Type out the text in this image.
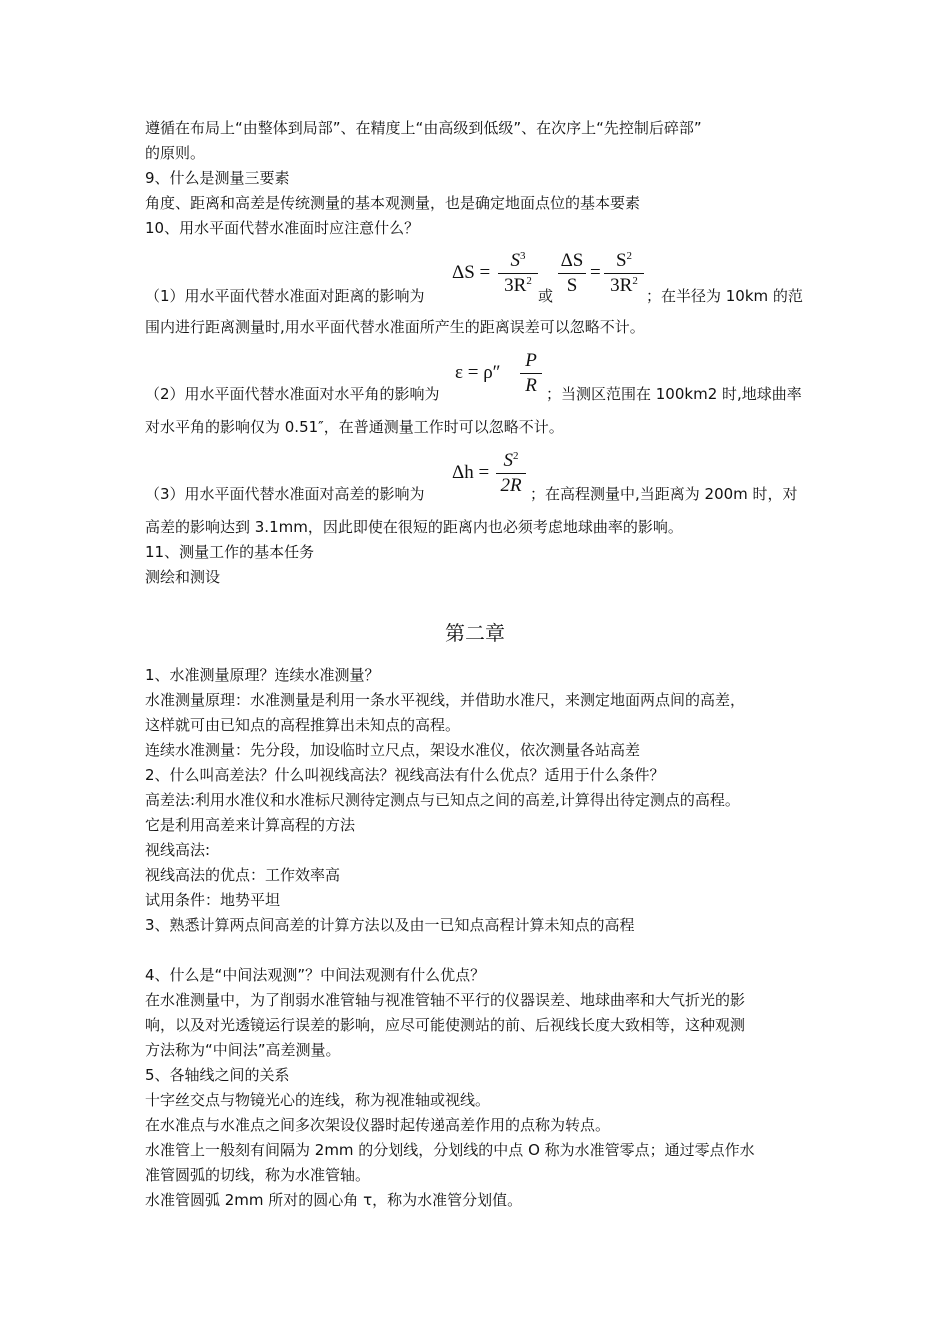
遵循在布局上“由整体到局部”、在精度上“由高级到低级”、在次序上“先控制后碎部”
的原则。
9、什么是测量三要素
角度、距离和高差是传统测量的基本观测量，也是确定地面点位的基本要素
10、用水平面代替水准面时应注意什么？
ΔS =
$S^3$
$3R^2$
ΔS
S
=
$S^2$
$3R^2$
（1）用水平面代替水准面对距离的影响为	或	；在半径为 10km 的范
围内进行距离测量时,用水平面代替水准面所产生的距离误差可以忽略不计。
ε = ρ″
P
R
（2）用水平面代替水准面对水平角的影响为	；当测区范围在 100km2 时,地球曲率
对水平角的影响仅为 0.51″，在普通测量工作时可以忽略不计。
Δh =
$S^2$
2R
（3）用水平面代替水准面对高差的影响为	；在高程测量中,当距离为 200m 时，对
高差的影响达到 3.1mm，因此即使在很短的距离内也必须考虑地球曲率的影响。
11、测量工作的基本任务
测绘和测设
第二章
1、水准测量原理？连续水准测量？
水准测量原理：水准测量是利用一条水平视线，并借助水准尺，来测定地面两点间的高差，
这样就可由已知点的高程推算出未知点的高程。
连续水准测量：先分段，加设临时立尺点，架设水准仪，依次测量各站高差
2、什么叫高差法？什么叫视线高法？视线高法有什么优点？适用于什么条件？
高差法:利用水准仪和水准标尺测待定测点与已知点之间的高差,计算得出待定测点的高程。
它是利用高差来计算高程的方法
视线高法:
视线高法的优点：工作效率高
试用条件：地势平坦
3、熟悉计算两点间高差的计算方法以及由一已知点高程计算未知点的高程
4、什么是“中间法观测”？中间法观测有什么优点？
在水准测量中，为了削弱水准管轴与视准管轴不平行的仪器误差、地球曲率和大气折光的影
响，以及对光透镜运行误差的影响，应尽可能使测站的前、后视线长度大致相等，这种观测
方法称为“中间法”高差测量。
5、各轴线之间的关系
十字丝交点与物镜光心的连线，称为视准轴或视线。
在水准点与水准点之间多次架设仪器时起传递高差作用的点称为转点。
水准管上一般刻有间隔为 2mm 的分划线，分划线的中点 O 称为水准管零点；通过零点作水
准管圆弧的切线，称为水准管轴。
水准管圆弧 2mm 所对的圆心角 τ，称为水准管分划值。
